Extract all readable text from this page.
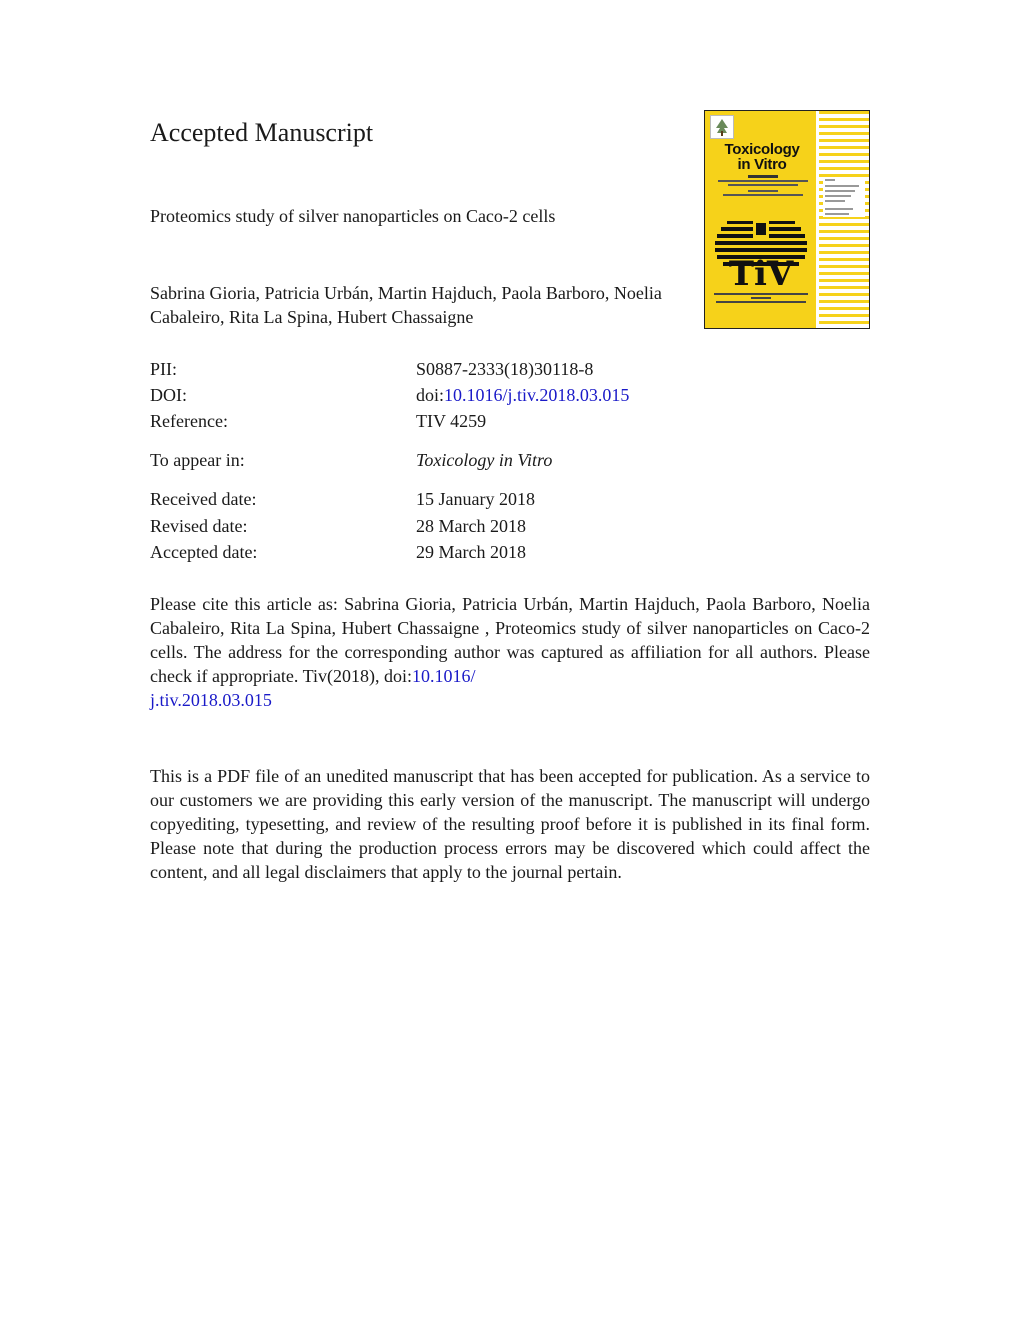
Accepted Manuscript
Proteomics study of silver nanoparticles on Caco-2 cells
Sabrina Gioria, Patricia Urbán, Martin Hajduch, Paola Barboro, Noelia Cabaleiro, Rita La Spina, Hubert Chassaigne
PII:	S0887-2333(18)30118-8
DOI:	doi:10.1016/j.tiv.2018.03.015
Reference:	TIV 4259
To appear in:	Toxicology in Vitro
Received date:	15 January 2018
Revised date:	28 March 2018
Accepted date:	29 March 2018
Please cite this article as: Sabrina Gioria, Patricia Urbán, Martin Hajduch, Paola Barboro, Noelia Cabaleiro, Rita La Spina, Hubert Chassaigne , Proteomics study of silver nanoparticles on Caco-2 cells. The address for the corresponding author was captured as affiliation for all authors. Please check if appropriate. Tiv(2018), doi:10.1016/
j.tiv.2018.03.015
This is a PDF file of an unedited manuscript that has been accepted for publication. As a service to our customers we are providing this early version of the manuscript. The manuscript will undergo copyediting, typesetting, and review of the resulting proof before it is published in its final form. Please note that during the production process errors may be discovered which could affect the content, and all legal disclaimers that apply to the journal pertain.
Toxicology
in Vitro
TiV
